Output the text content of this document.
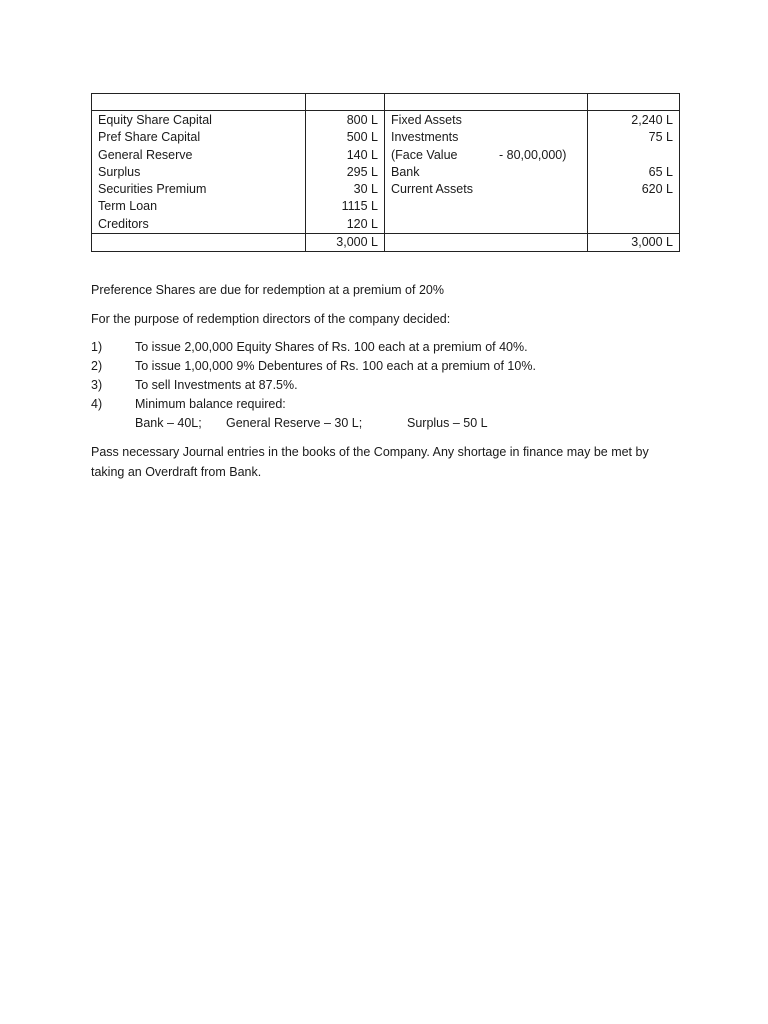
Equity Share Capital	800 L	Fixed Assets	2,240 L
Pref Share Capital	500 L	Investments	75 L
General Reserve	140 L	(Face Value - 80,00,000)	

Surplus	295 L	Bank	65 L
Securities Premium	30 L	Current Assets	620 L
Term Loan	1115 L		
Creditors	120 L		
	3,000 L		3,000 L

Preference Shares are due for redemption at a premium of 20%

For the purpose of redemption directors of the company decided:

1)	To issue 2,00,000 Equity Shares of Rs. 100 each at a premium of 40%.
2)	To issue 1,00,000 9% Debentures of Rs. 100 each at a premium of 10%.
3)	To sell Investments at 87.5%.
4)	Minimum balance required:
Bank – 40L; General Reserve – 30 L;	Surplus – 50 L

Pass necessary Journal entries in the books of the Company. Any shortage in finance may be met by taking an Overdraft from Bank.
